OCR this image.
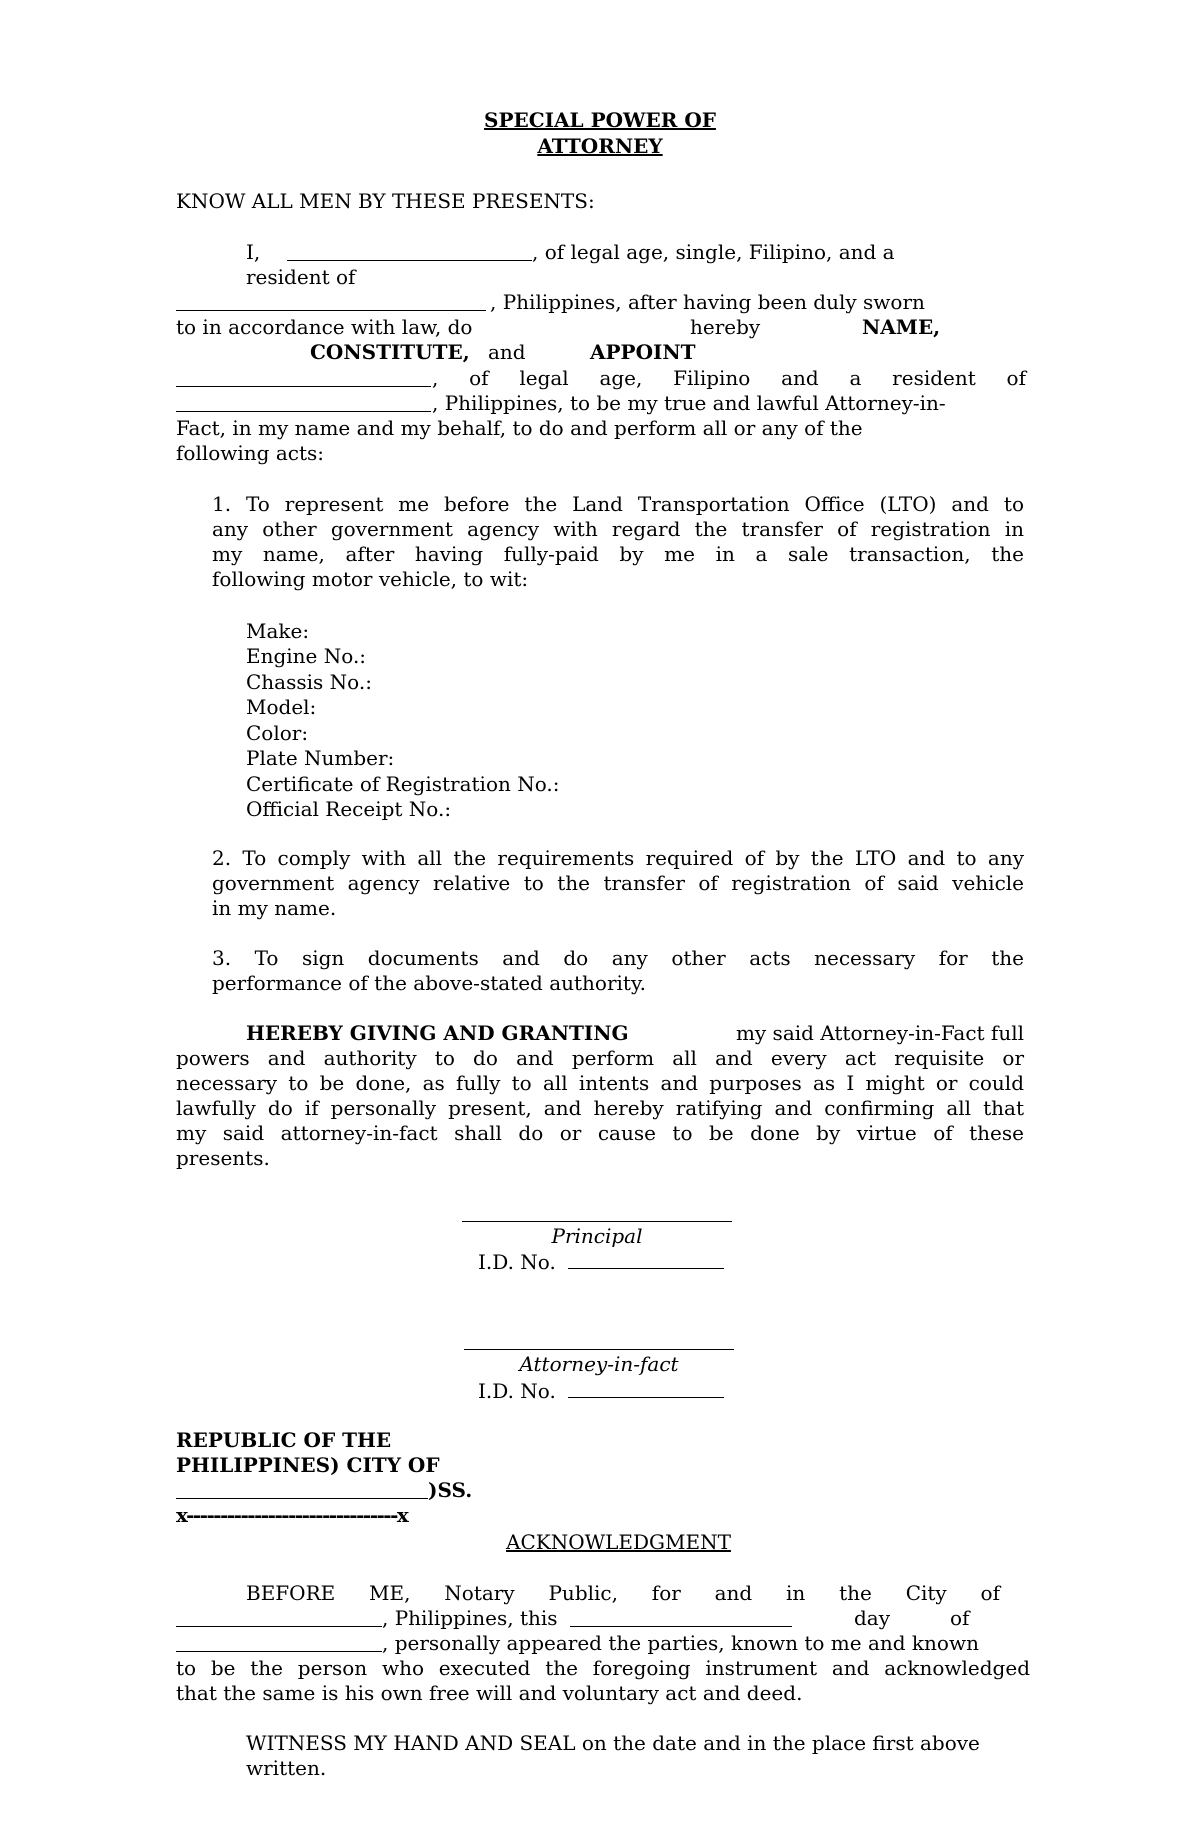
SPECIAL POWER OF
ATTORNEY
KNOW ALL MEN BY THESE PRESENTS:
I,	, of legal age, single, Filipino, and a
resident of
, Philippines, after having been duly sworn
to in accordance with law, do	hereby	NAME,
CONSTITUTE, and	APPOINT
, of legal age, Filipino and a resident of
, Philippines, to be my true and lawful Attorney-in-
Fact, in my name and my behalf, to do and perform all or any of the
following acts:
1. To represent me before the Land Transportation Office (LTO) and to
any other government agency with regard the transfer of registration in
my name, after having fully-paid by me in a sale transaction, the
following motor vehicle, to wit:
Make:
Engine No.:
Chassis No.:
Model:
Color:
Plate Number:
Certificate of Registration No.:
Official Receipt No.:
2. To comply with all the requirements required of by the LTO and to any
government agency relative to the transfer of registration of said vehicle
in my name.
3. To sign documents and do any other acts necessary for the
performance of the above-stated authority.
HEREBY GIVING AND GRANTING	my said Attorney-in-Fact full
powers and authority to do and perform all and every act requisite or
necessary to be done, as fully to all intents and purposes as I might or could
lawfully do if personally present, and hereby ratifying and confirming all that
my said attorney-in-fact shall do or cause to be done by virtue of these
presents.
Principal
I.D. No.
Attorney-in-fact
I.D. No.
REPUBLIC OF THE
PHILIPPINES) CITY OF
)SS.
x-------------------------------x
ACKNOWLEDGMENT
BEFORE ME, Notary Public, for and in the City of
, Philippines, this	day	of
, personally appeared the parties, known to me and known
to be the person who executed the foregoing instrument and acknowledged
that the same is his own free will and voluntary act and deed.
WITNESS MY HAND AND SEAL on the date and in the place first above
written.
